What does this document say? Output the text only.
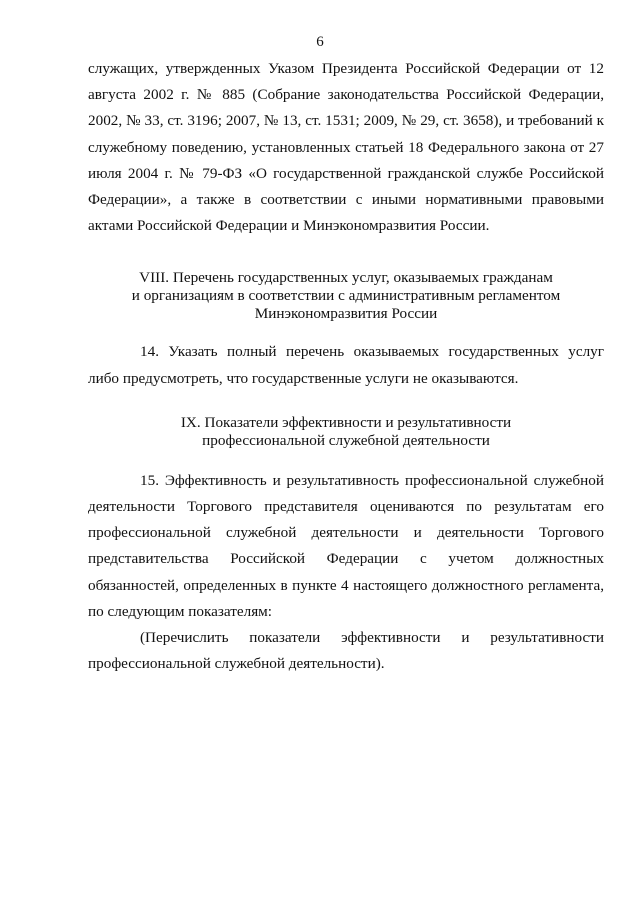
6

служащих, утвержденных Указом Президента Российской Федерации от 12 августа 2002 г. № 885 (Собрание законодательства Российской Федерации, 2002, № 33, ст. 3196; 2007, № 13, ст. 1531; 2009, № 29, ст. 3658), и требований к служебному поведению, установленных статьей 18 Федерального закона от 27 июля 2004 г. № 79-ФЗ «О государственной гражданской службе Российской Федерации», а также в соответствии с иными нормативными правовыми актами Российской Федерации и Минэкономразвития России.

VIII. Перечень государственных услуг, оказываемых гражданам
и организациям в соответствии с административным регламентом
Минэкономразвития России

14. Указать полный перечень оказываемых государственных услуг либо предусмотреть, что государственные услуги не оказываются.

IX. Показатели эффективности и результативности
профессиональной служебной деятельности

15. Эффективность и результативность профессиональной служебной деятельности Торгового представителя оцениваются по результатам его профессиональной служебной деятельности и деятельности Торгового представительства Российской Федерации с учетом должностных обязанностей, определенных в пункте 4 настоящего должностного регламента, по следующим показателям:

(Перечислить показатели эффективности и результативности профессиональной служебной деятельности).
